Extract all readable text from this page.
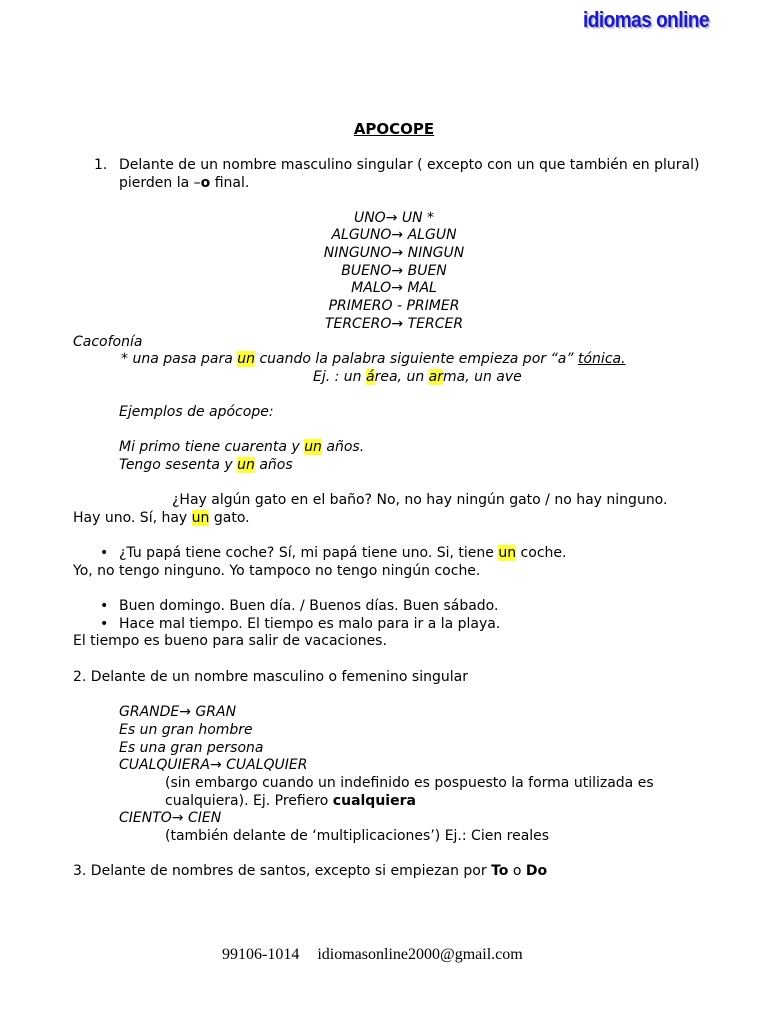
idiomas online
APOCOPE
1. Delante de un nombre masculino singular ( excepto con un que también en plural)
pierden la –o final.
UNO→ UN *
ALGUNO→ ALGUN
NINGUNO→ NINGUN
BUENO→ BUEN
MALO→ MAL
PRIMERO - PRIMER
TERCERO→ TERCER
Cacofonía
* una pasa para un cuando la palabra siguiente empieza por “a” tónica.
Ej. : un área, un arma, un ave
Ejemplos de apócope:
Mi primo tiene cuarenta y un años.
Tengo sesenta y un años
¿Hay algún gato en el baño? No, no hay ningún gato / no hay ninguno.
Hay uno. Sí, hay un gato.
• ¿Tu papá tiene coche? Sí, mi papá tiene uno. Si, tiene un coche.
Yo, no tengo ninguno. Yo tampoco no tengo ningún coche.
• Buen domingo. Buen día. / Buenos días. Buen sábado.
• Hace mal tiempo. El tiempo es malo para ir a la playa.
El tiempo es bueno para salir de vacaciones.
2. Delante de un nombre masculino o femenino singular
GRANDE→ GRAN
Es un gran hombre
Es una gran persona
CUALQUIERA→ CUALQUIER
(sin embargo cuando un indefinido es pospuesto la forma utilizada es
cualquiera). Ej. Prefiero cualquiera
CIENTO→ CIEN
(también delante de ‘multiplicaciones’) Ej.: Cien reales
3. Delante de nombres de santos, excepto si empiezan por To o Do
99106-1014 idiomasonline2000@gmail.com
